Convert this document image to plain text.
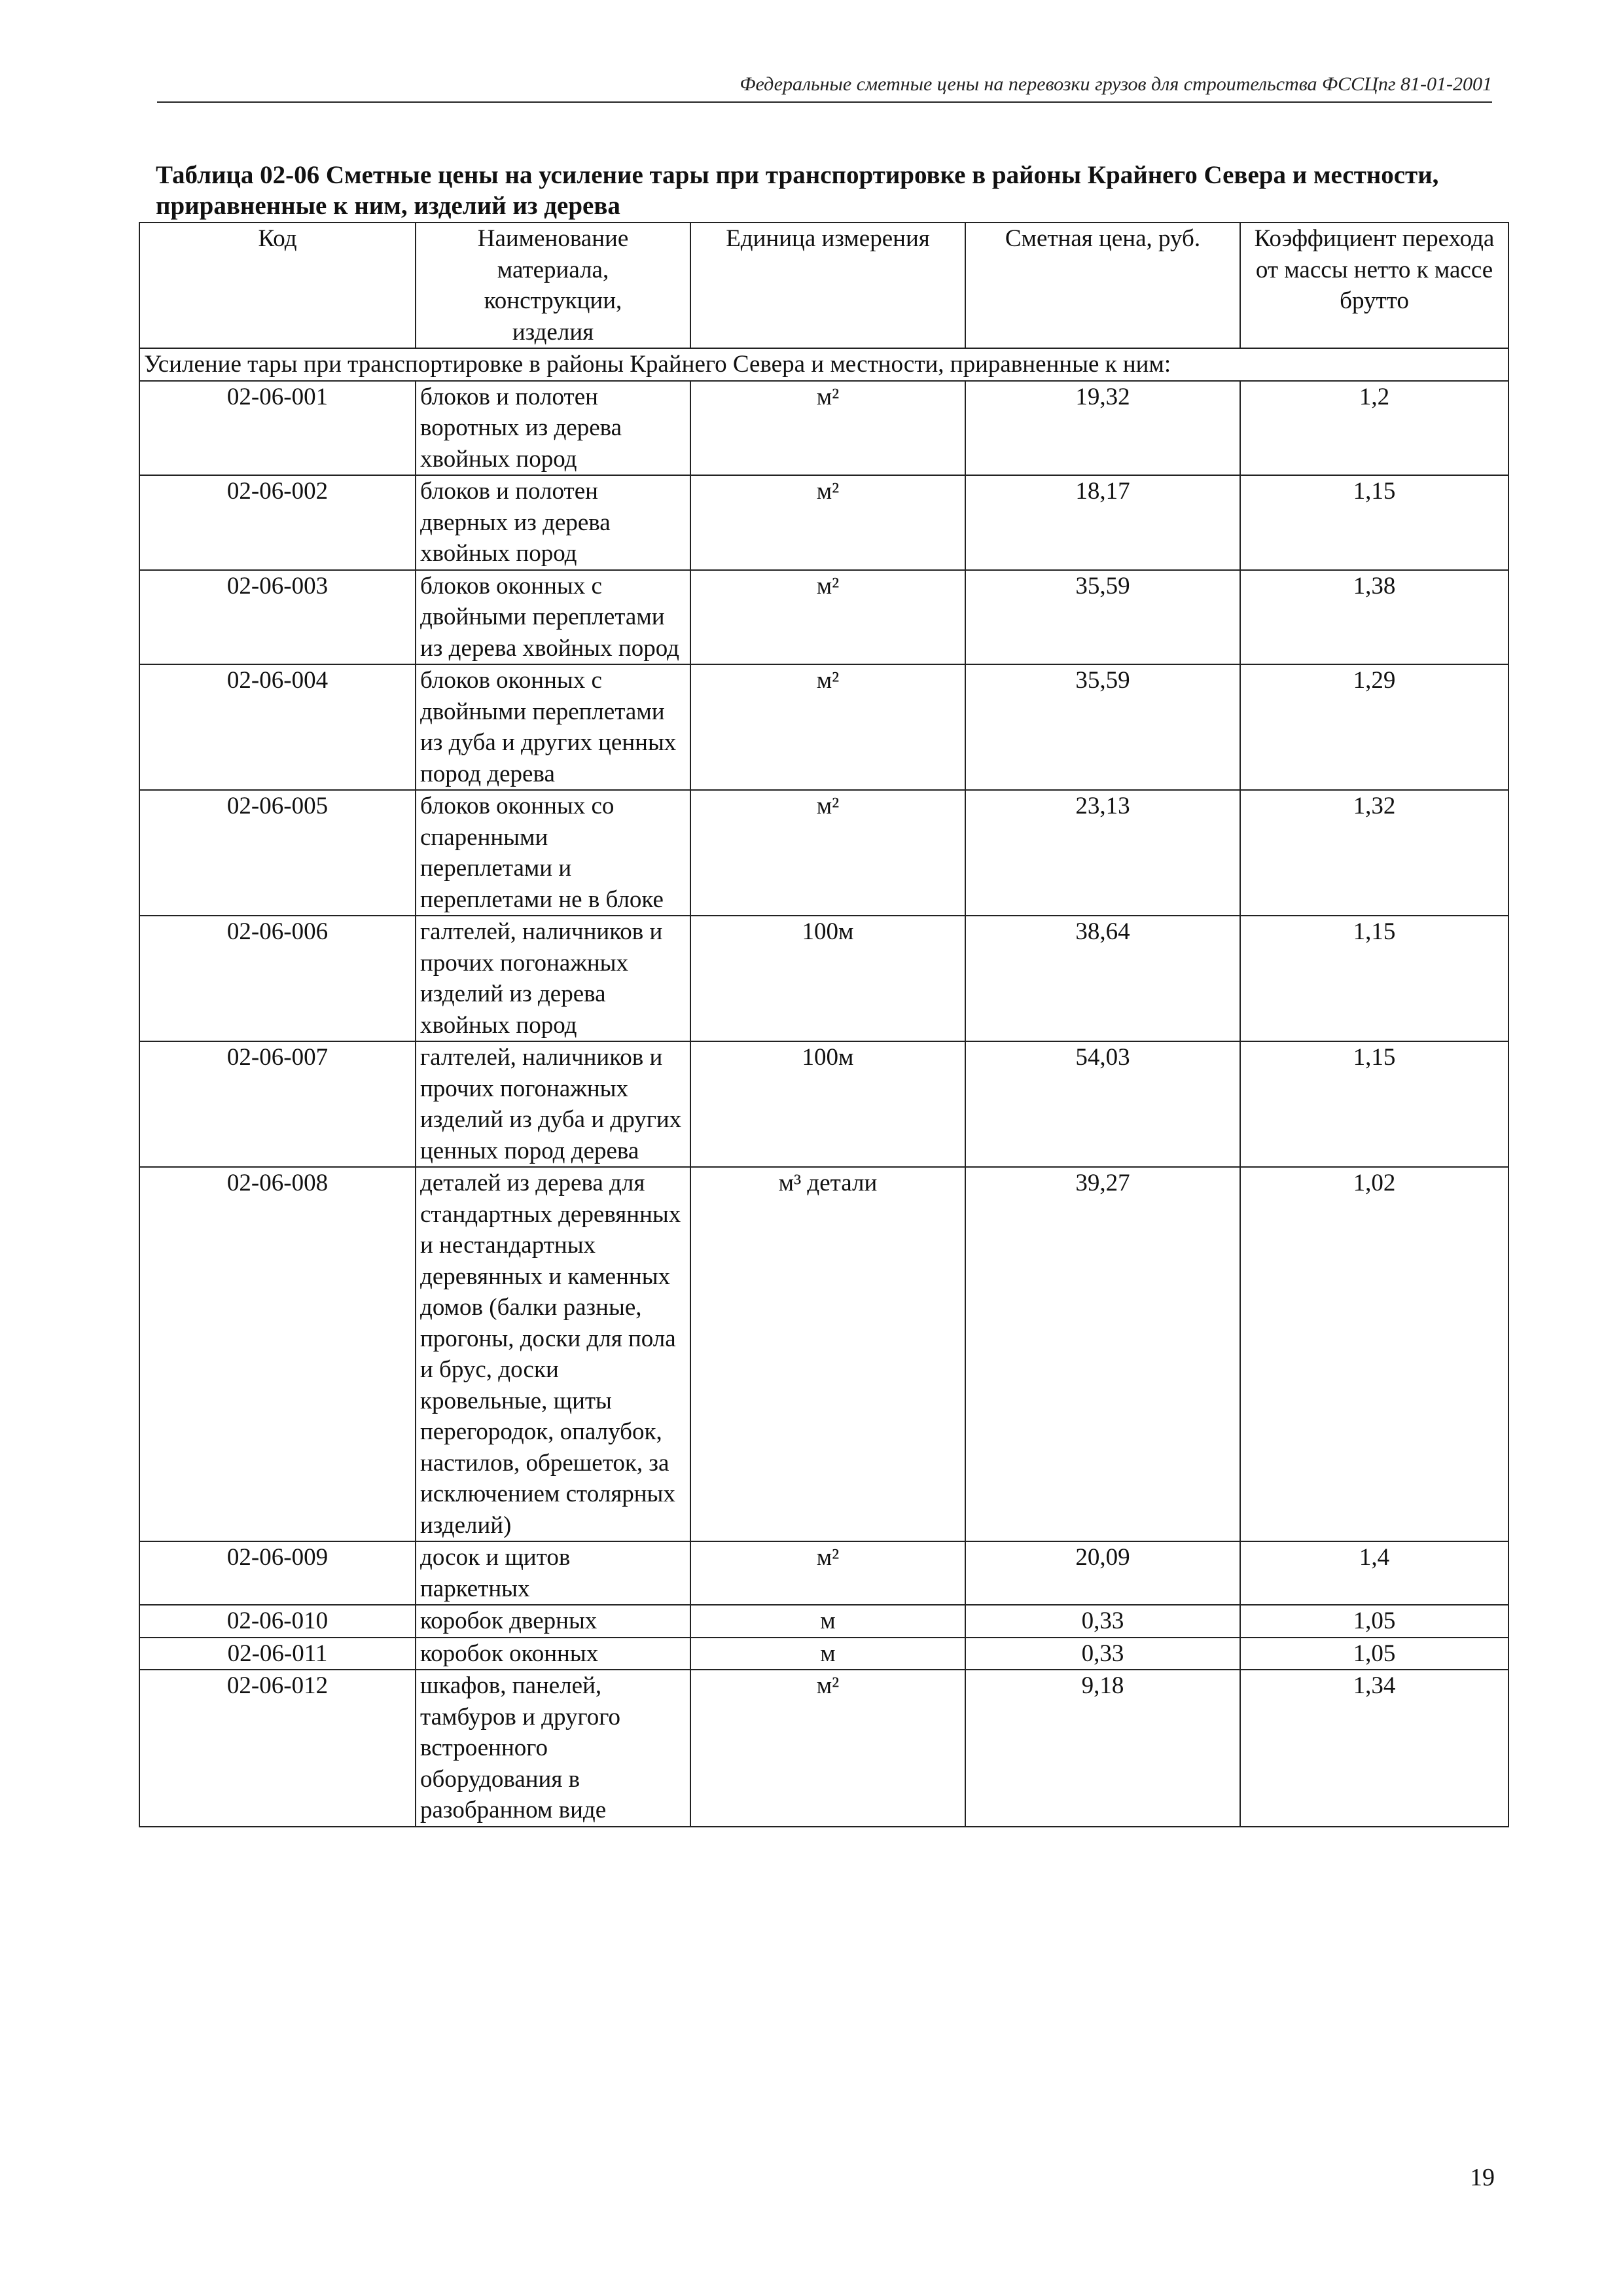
Федеральные сметные цены на перевозки грузов для строительства ФССЦпг 81-01-2001
Таблица 02-06 Сметные цены на усиление тары при транспортировке в районы Крайнего Севера и местности, приравненные к ним, изделий из дерева
Код	Наименование материала, конструкции, изделия	Единица измерения	Сметная цена, руб.	Коэффициент перехода от массы нетто к массе брутто
Усиление тары при транспортировке в районы Крайнего Севера и местности, приравненные к ним:				
02-06-001	блоков и полотен воротных из дерева хвойных пород	м²	19,32	1,2
02-06-002	блоков и полотен дверных из дерева хвойных пород	м²	18,17	1,15
02-06-003	блоков оконных с двойными переплетами из дерева хвойных пород	м²	35,59	1,38
02-06-004	блоков оконных с двойными переплетами из дуба и других ценных пород дерева	м²	35,59	1,29
02-06-005	блоков оконных со спаренными переплетами и переплетами не в блоке	м²	23,13	1,32
02-06-006	галтелей, наличников и прочих погонажных изделий из дерева хвойных пород	100м	38,64	1,15
02-06-007	галтелей, наличников и прочих погонажных изделий из дуба и других ценных пород дерева	100м	54,03	1,15
02-06-008	деталей из дерева для стандартных деревянных и нестандартных деревянных и каменных домов (балки разные, прогоны, доски для пола и брус, доски кровельные, щиты перегородок, опалубок, настилов, обрешеток, за исключением столярных изделий)	м³ детали	39,27	1,02
02-06-009	досок и щитов паркетных	м²	20,09	1,4
02-06-010	коробок дверных	м	0,33	1,05
02-06-011	коробок оконных	м	0,33	1,05
02-06-012	шкафов, панелей, тамбуров и другого встроенного оборудования в разобранном виде	м²	9,18	1,34
19
